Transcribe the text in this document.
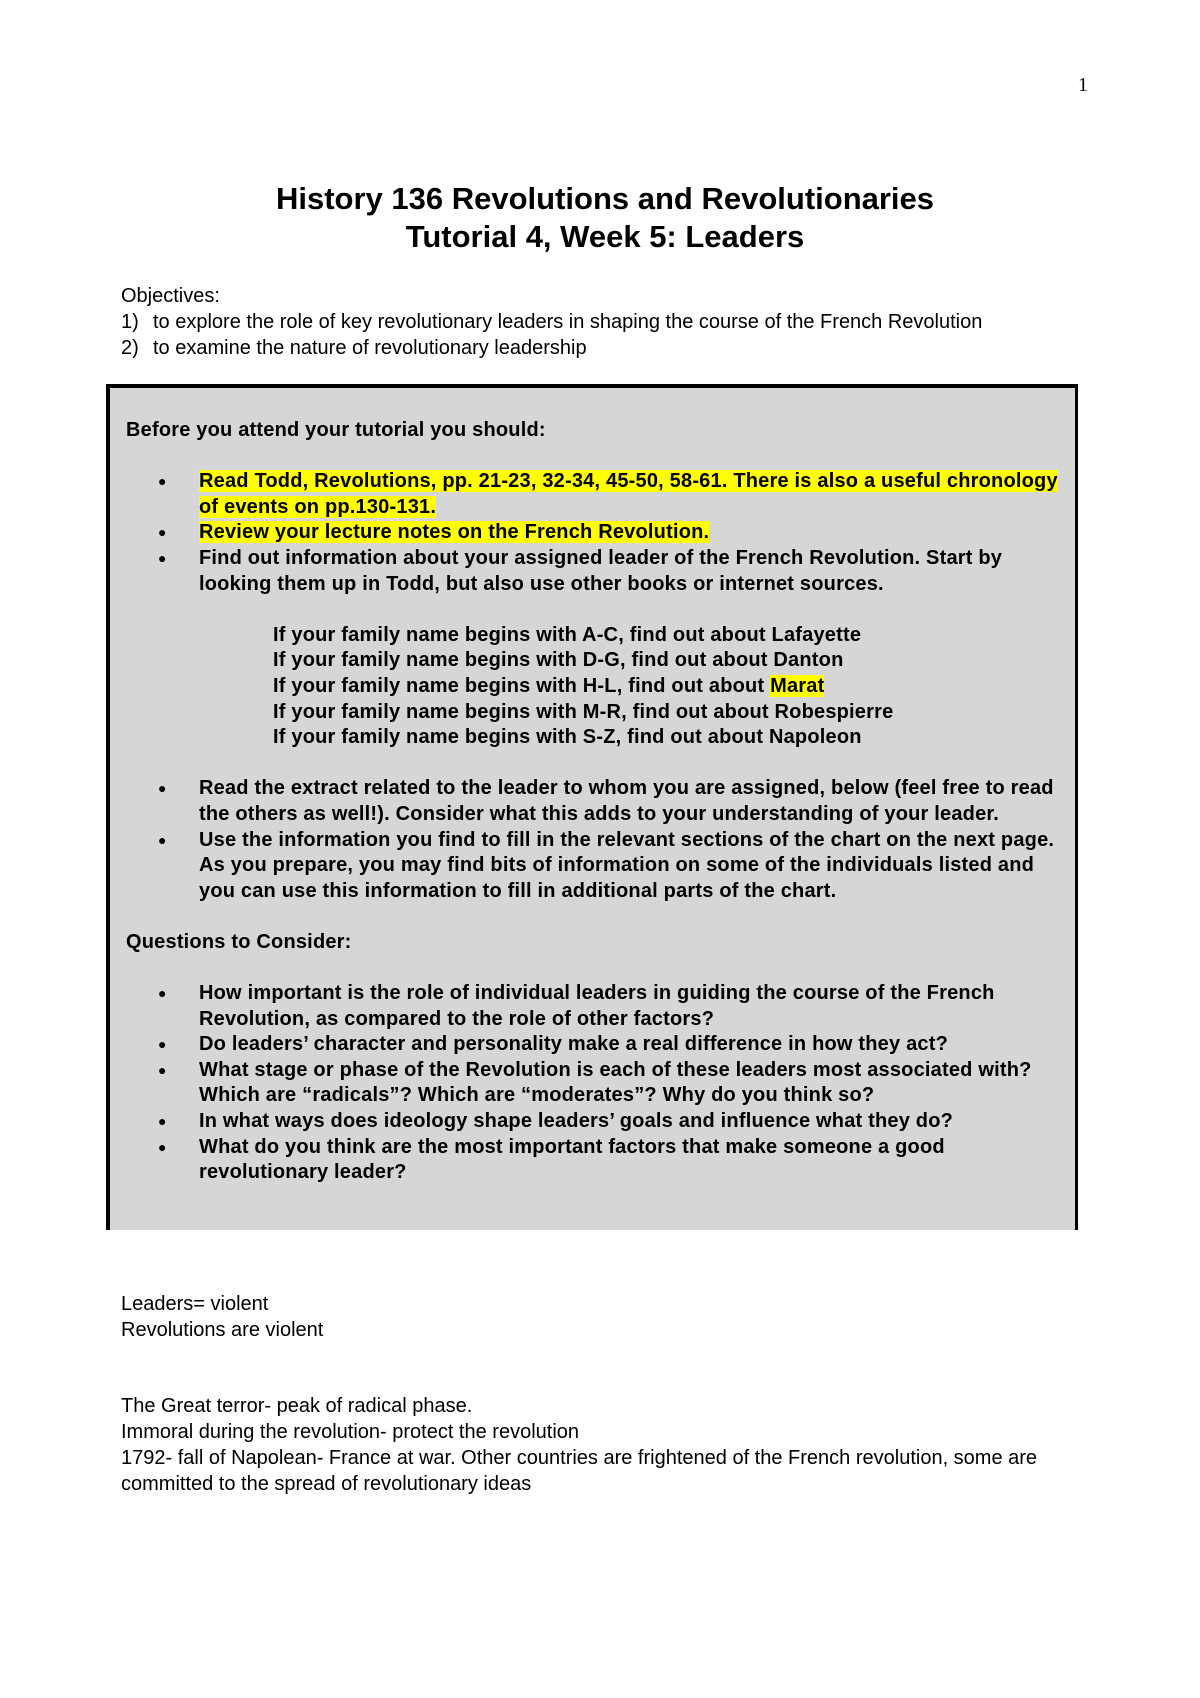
1
History 136 Revolutions and Revolutionaries
Tutorial 4, Week 5: Leaders
Objectives:
1) to explore the role of key revolutionary leaders in shaping the course of the French Revolution
2) to examine the nature of revolutionary leadership

Before you attend your tutorial you should:

●	Read Todd, Revolutions, pp. 21-23, 32-34, 45-50, 58-61. There is also a useful chronology of events on pp.130-131.
●	Review your lecture notes on the French Revolution.
●	Find out information about your assigned leader of the French Revolution. Start by looking them up in Todd, but also use other books or internet sources.
If your family name begins with A-C, find out about Lafayette
If your family name begins with D-G, find out about Danton
If your family name begins with H-L, find out about Marat
If your family name begins with M-R, find out about Robespierre
If your family name begins with S-Z, find out about Napoleon
●	Read the extract related to the leader to whom you are assigned, below (feel free to read the others as well!). Consider what this adds to your understanding of your leader.
●	Use the information you find to fill in the relevant sections of the chart on the next page. As you prepare, you may find bits of information on some of the individuals listed and you can use this information to fill in additional parts of the chart.

Questions to Consider:

●	How important is the role of individual leaders in guiding the course of the French Revolution, as compared to the role of other factors?
●	Do leaders’ character and personality make a real difference in how they act?
●	What stage or phase of the Revolution is each of these leaders most associated with? Which are “radicals”? Which are “moderates”? Why do you think so?
●	In what ways does ideology shape leaders’ goals and influence what they do?
●	What do you think are the most important factors that make someone a good revolutionary leader?
Leaders= violent
Revolutions are violent
The Great terror- peak of radical phase.
Immoral during the revolution- protect the revolution
1792- fall of Napolean- France at war. Other countries are frightened of the French revolution, some are committed to the spread of revolutionary ideas
